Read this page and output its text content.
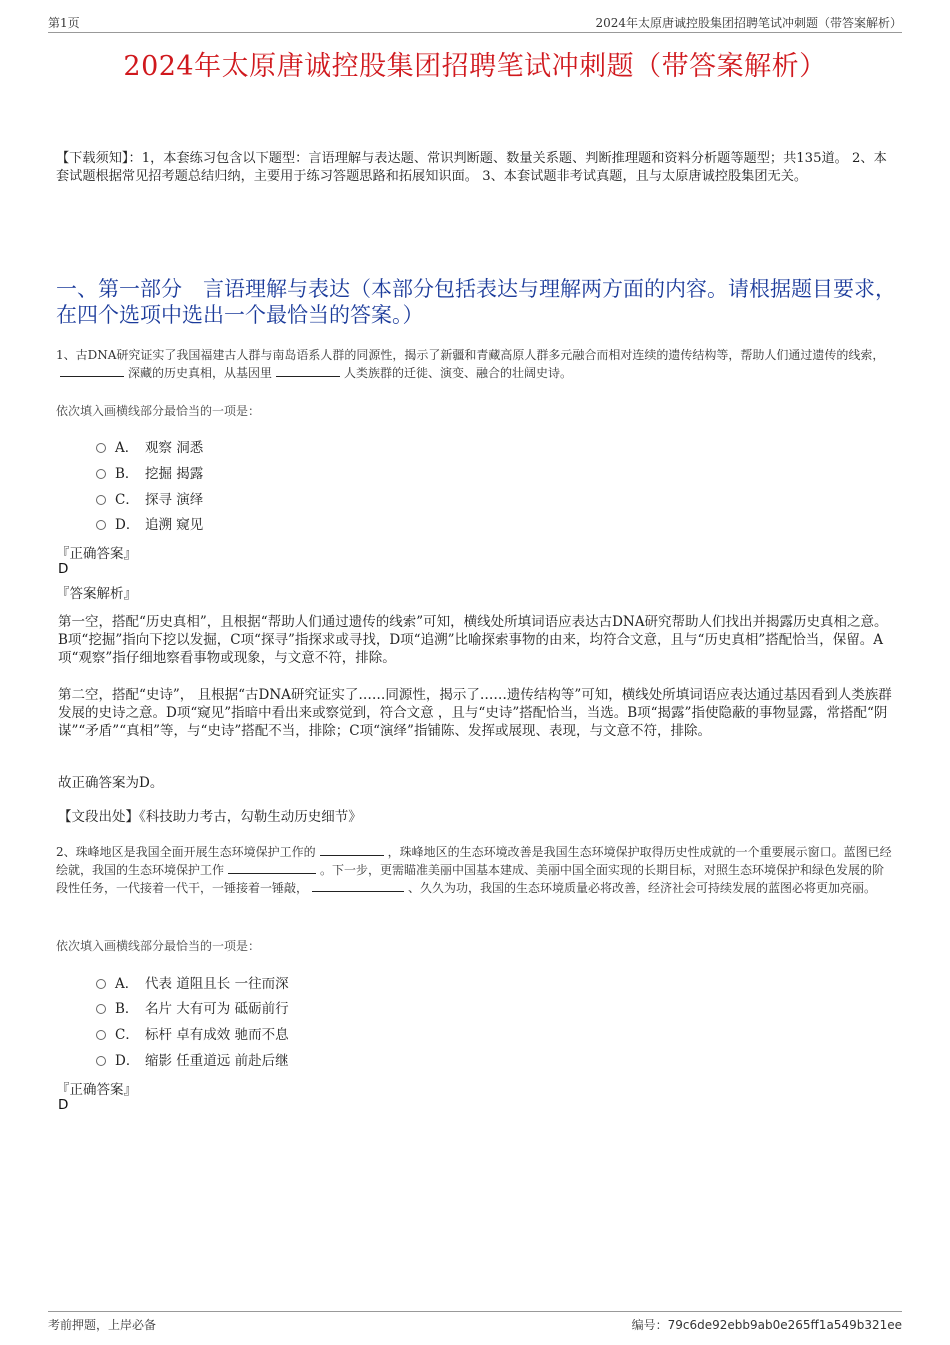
第1页	2024年太原唐诚控股集团招聘笔试冲刺题（带答案解析）
2024年太原唐诚控股集团招聘笔试冲刺题（带答案解析）
【下载须知】：1，本套练习包含以下题型：言语理解与表达题、常识判断题、数量关系题、判断推理题和资料分析题等题型；共135道。 2、本套试题根据常见招考题总结归纳，主要用于练习答题思路和拓展知识面。 3、本套试题非考试真题，且与太原唐诚控股集团无关。
一、第一部分　言语理解与表达（本部分包括表达与理解两方面的内容。请根据题目要求，在四个选项中选出一个最恰当的答案。）
1、古DNA研究证实了我国福建古人群与南岛语系人群的同源性，揭示了新疆和青藏高原人群多元融合而相对连续的遗传结构等，帮助人们通过遗传的线索，深藏的历史真相，从基因里	人类族群的迁徙、演变、融合的壮阔史诗。
依次填入画横线部分最恰当的一项是：
A． 观察 洞悉
B． 挖掘 揭露
C． 探寻 演绎
D． 追溯 窥见
『正确答案』
D
『答案解析』
第一空，搭配“历史真相”，且根据“帮助人们通过遗传的线索”可知，横线处所填词语应表达古DNA研究帮助人们找出并揭露历史真相之意。B项“挖掘”指向下挖以发掘，C项“探寻”指探求或寻找，D项“追溯”比喻探索事物的由来，均符合文意，且与“历史真相”搭配恰当，保留。A项“观察”指仔细地察看事物或现象，与文意不符，排除。
第二空，搭配“史诗”， 且根据“古DNA研究证实了……同源性，揭示了……遗传结构等”可知，横线处所填词语应表达通过基因看到人类族群发展的史诗之意。D项“窥见”指暗中看出来或察觉到，符合文意 ，且与“史诗”搭配恰当，当选。B项“揭露”指使隐蔽的事物显露，常搭配“阴谋”“矛盾”“真相”等，与“史诗”搭配不当，排除；C项“演绎”指铺陈、发挥或展现、表现，与文意不符，排除。
故正确答案为D。
【文段出处】《科技助力考古，勾勒生动历史细节》
2、珠峰地区是我国全面开展生态环境保护工作的	，珠峰地区的生态环境改善是我国生态环境保护取得历史性成就的一个重要展示窗口。蓝图已经绘就，我国的生态环境保护工作	。下一步，更需瞄准美丽中国基本建成、美丽中国全面实现的长期目标，对照生态环境保护和绿色发展的阶段性任务，一代接着一代干，一锤接着一锤敲，	、久久为功，我国的生态环境质量必将改善，经济社会可持续发展的蓝图必将更加亮丽。
依次填入画横线部分最恰当的一项是：
A． 代表 道阻且长 一往而深
B． 名片 大有可为 砥砺前行
C． 标杆 卓有成效 驰而不息
D． 缩影 任重道远 前赴后继
『正确答案』
D
考前押题，上岸必备	编号：79c6de92ebb9ab0e265ff1a549b321ee
